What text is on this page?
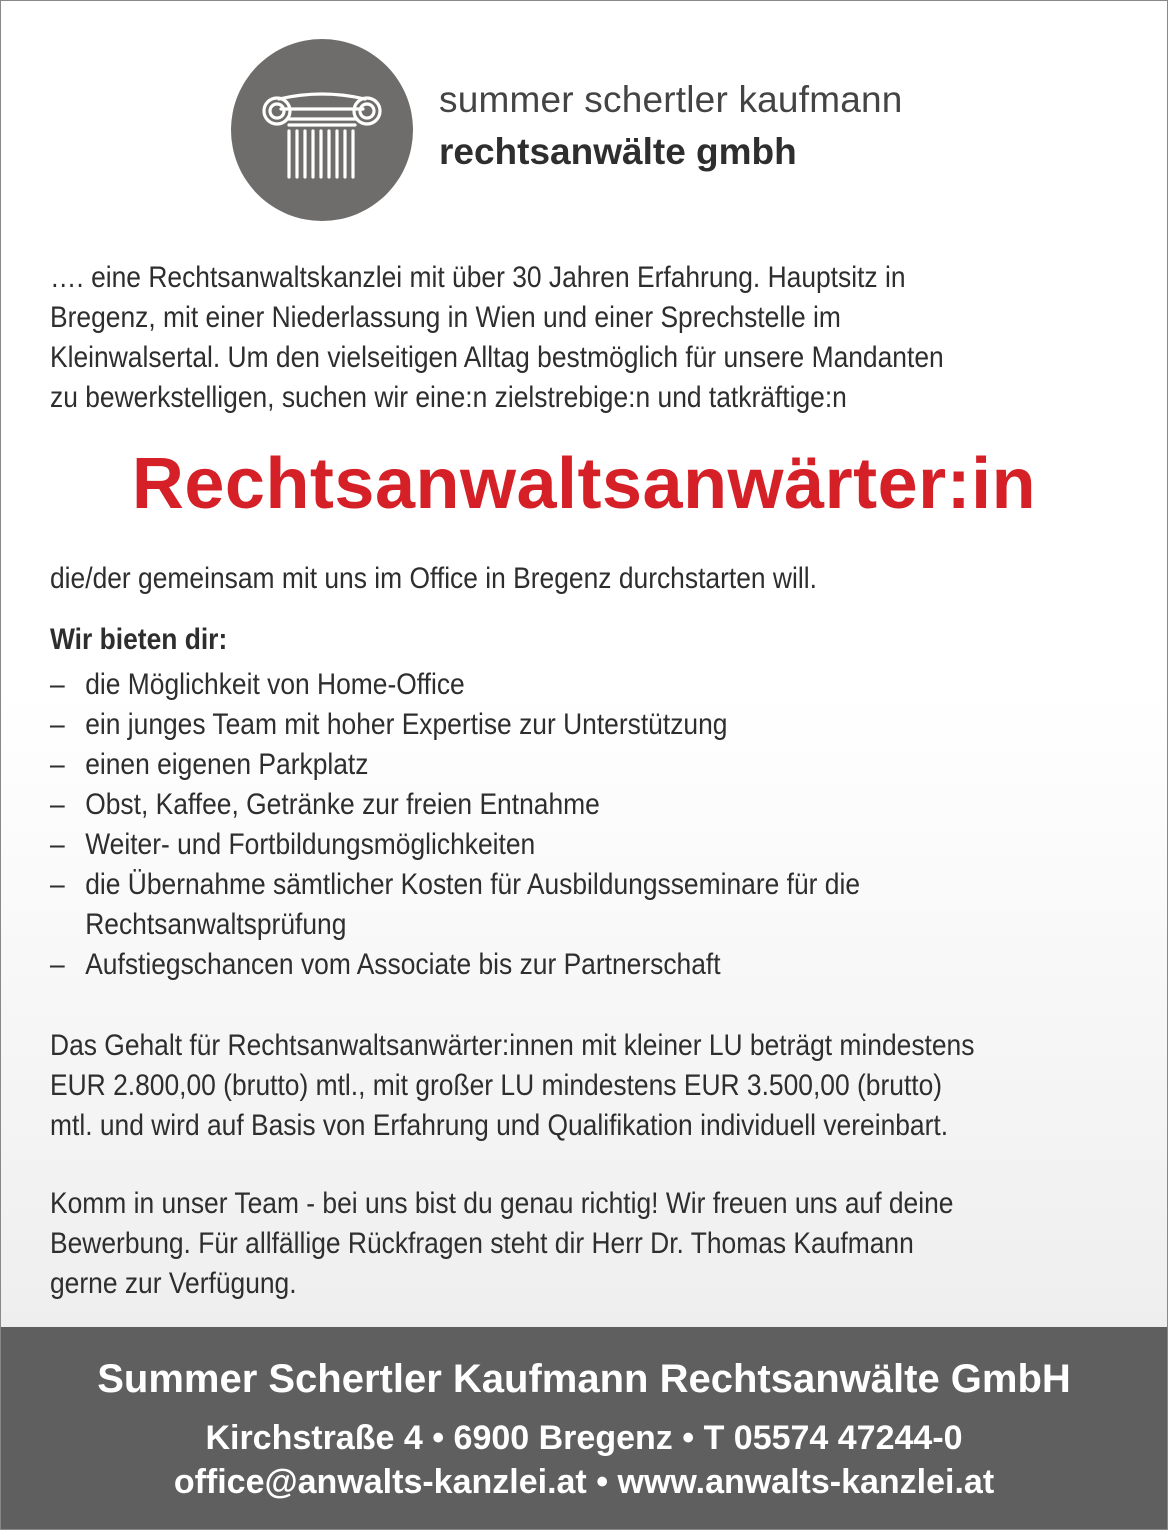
summer schertler kaufmann
rechtsanwälte gmbh
…. eine Rechtsanwaltskanzlei mit über 30 Jahren Erfahrung. Hauptsitz in
Bregenz, mit einer Niederlassung in Wien und einer Sprechstelle im
Kleinwalsertal. Um den vielseitigen Alltag bestmöglich für unsere Mandanten
zu bewerkstelligen, suchen wir eine:n zielstrebige:n und tatkräftige:n
Rechtsanwaltsanwärter:in
die/der gemeinsam mit uns im Office in Bregenz durchstarten will.
Wir bieten dir:
– die Möglichkeit von Home-Office
– ein junges Team mit hoher Expertise zur Unterstützung
– einen eigenen Parkplatz
– Obst, Kaffee, Getränke zur freien Entnahme
– Weiter- und Fortbildungsmöglichkeiten
– die Übernahme sämtlicher Kosten für Ausbildungsseminare für die Rechtsanwaltsprüfung
– Aufstiegschancen vom Associate bis zur Partnerschaft
Das Gehalt für Rechtsanwaltsanwärter:innen mit kleiner LU beträgt mindestens
EUR 2.800,00 (brutto) mtl., mit großer LU mindestens EUR 3.500,00 (brutto)
mtl. und wird auf Basis von Erfahrung und Qualifikation individuell vereinbart.
Komm in unser Team - bei uns bist du genau richtig! Wir freuen uns auf deine
Bewerbung. Für allfällige Rückfragen steht dir Herr Dr. Thomas Kaufmann
gerne zur Verfügung.
Summer Schertler Kaufmann Rechtsanwälte GmbH
Kirchstraße 4 • 6900 Bregenz • T 05574 47244-0
office@anwalts-kanzlei.at • www.anwalts-kanzlei.at
